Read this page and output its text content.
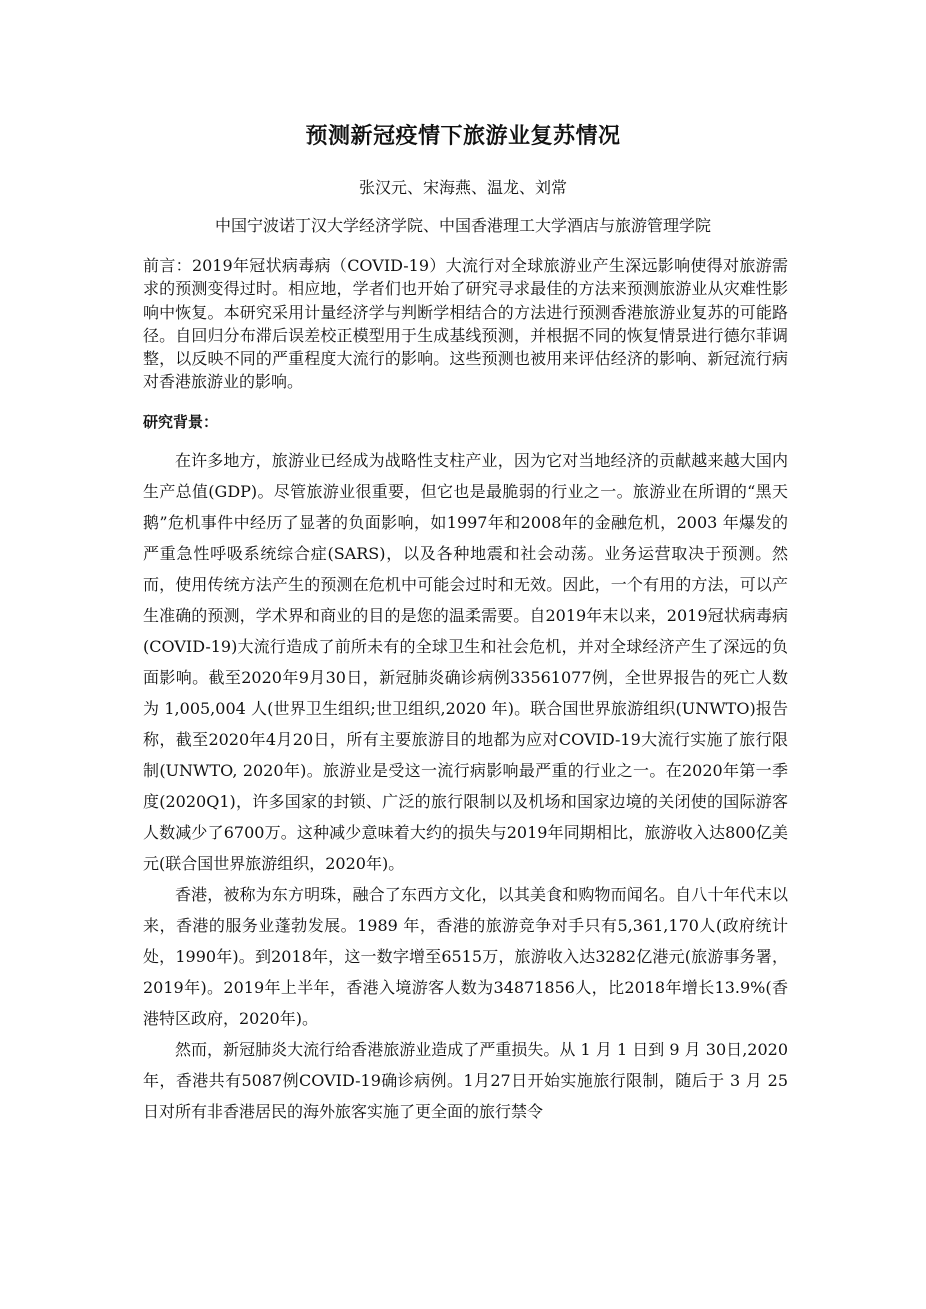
预测新冠疫情下旅游业复苏情况
张汉元、宋海燕、温龙、刘常
中国宁波诺丁汉大学经济学院、中国香港理工大学酒店与旅游管理学院
前言：2019年冠状病毒病（COVID-19）大流行对全球旅游业产生深远影响使得对旅游需求的预测变得过时。相应地，学者们也开始了研究寻求最佳的方法来预测旅游业从灾难性影响中恢复。本研究采用计量经济学与判断学相结合的方法进行预测香港旅游业复苏的可能路径。自回归分布滞后误差校正模型用于生成基线预测，并根据不同的恢复情景进行德尔菲调整，以反映不同的严重程度大流行的影响。这些预测也被用来评估经济的影响、新冠流行病对香港旅游业的影响。
研究背景：

在许多地方，旅游业已经成为战略性支柱产业，因为它对当地经济的贡献越来越大国内生产总值(GDP)。尽管旅游业很重要，但它也是最脆弱的行业之一。旅游业在所谓的“黑天鹅”危机事件中经历了显著的负面影响，如1997年和2008年的金融危机，2003 年爆发的严重急性呼吸系统综合症(SARS)，以及各种地震和社会动荡。业务运营取决于预测。然而，使用传统方法产生的预测在危机中可能会过时和无效。因此，一个有用的方法，可以产生准确的预测，学术界和商业的目的是您的温柔需要。自2019年末以来，2019冠状病毒病(COVID-19)大流行造成了前所未有的全球卫生和社会危机，并对全球经济产生了深远的负面影响。截至2020年9月30日，新冠肺炎确诊病例33561077例，全世界报告的死亡人数为 1,005,004 人(世界卫生组织;世卫组织,2020 年)。联合国世界旅游组织(UNWTO)报告称，截至2020年4月20日，所有主要旅游目的地都为应对COVID-19大流行实施了旅行限制(UNWTO, 2020年)。旅游业是受这一流行病影响最严重的行业之一。在2020年第一季度(2020Q1)，许多国家的封锁、广泛的旅行限制以及机场和国家边境的关闭使的国际游客人数减少了6700万。这种减少意味着大约的损失与2019年同期相比，旅游收入达800亿美元(联合国世界旅游组织，2020年)。

香港，被称为东方明珠，融合了东西方文化，以其美食和购物而闻名。自八十年代末以来，香港的服务业蓬勃发展。1989 年，香港的旅游竞争对手只有5,361,170人(政府统计处，1990年)。到2018年，这一数字增至6515万，旅游收入达3282亿港元(旅游事务署，2019年)。2019年上半年，香港入境游客人数为34871856人，比2018年增长13.9%(香港特区政府，2020年)。

然而，新冠肺炎大流行给香港旅游业造成了严重损失。从 1 月 1 日到 9 月 30日,2020年，香港共有5087例COVID-19确诊病例。1月27日开始实施旅行限制，随后于 3 月 25 日对所有非香港居民的海外旅客实施了更全面的旅行禁令
